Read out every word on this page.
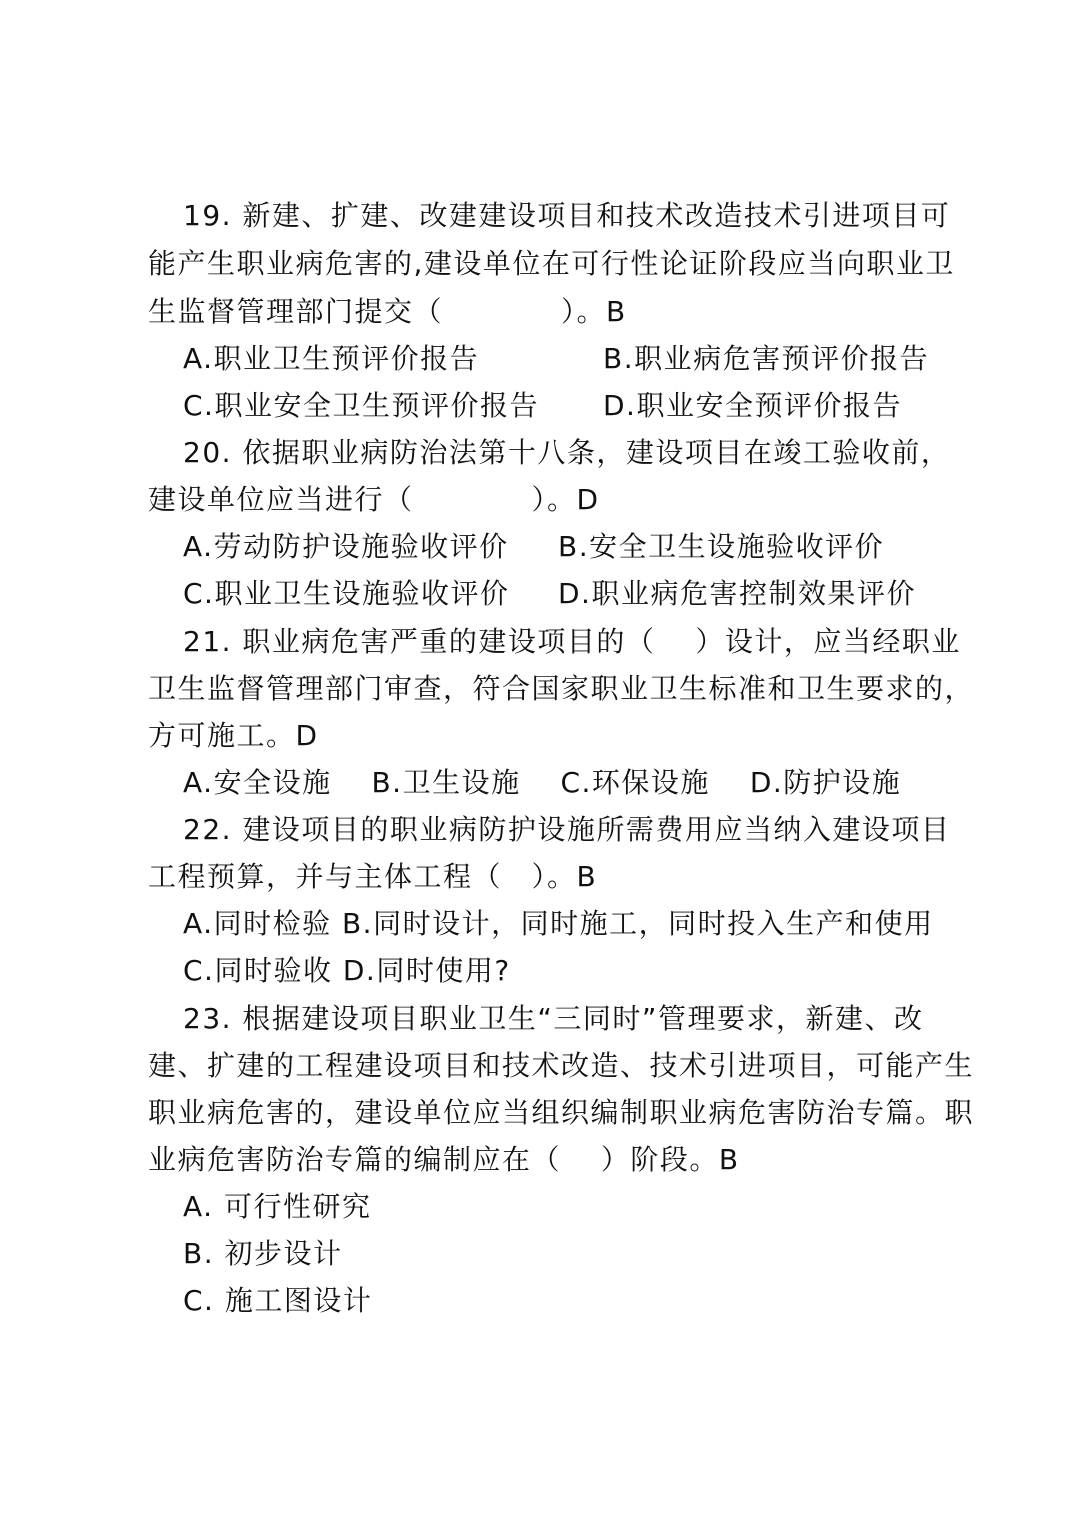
19. 新建、扩建、改建建设项目和技术改造技术引进项目可
能产生职业病危害的,建设单位在可行性论证阶段应当向职业卫
生监督管理部门提交（　　　　）。B
A.职业卫生预评价报告	B.职业病危害预评价报告
C.职业安全卫生预评价报告 D.职业安全预评价报告
20. 依据职业病防治法第十八条，建设项目在竣工验收前，
建设单位应当进行（　　　　）。D
A.劳动防护设施验收评价 B.安全卫生设施验收评价
C.职业卫生设施验收评价 D.职业病危害控制效果评价
21. 职业病危害严重的建设项目的（　 ）设计，应当经职业
卫生监督管理部门审查，符合国家职业卫生标准和卫生要求的，
方可施工。D
A.安全设施　 B.卫生设施　 C.环保设施　 D.防护设施
22. 建设项目的职业病防护设施所需费用应当纳入建设项目
工程预算，并与主体工程（　）。B
A.同时检验 B.同时设计，同时施工，同时投入生产和使用
C.同时验收 D.同时使用?
23. 根据建设项目职业卫生“三同时”管理要求，新建、改
建、扩建的工程建设项目和技术改造、技术引进项目，可能产生
职业病危害的，建设单位应当组织编制职业病危害防治专篇。职
业病危害防治专篇的编制应在（　 ）阶段。B
A. 可行性研究
B. 初步设计
C. 施工图设计
